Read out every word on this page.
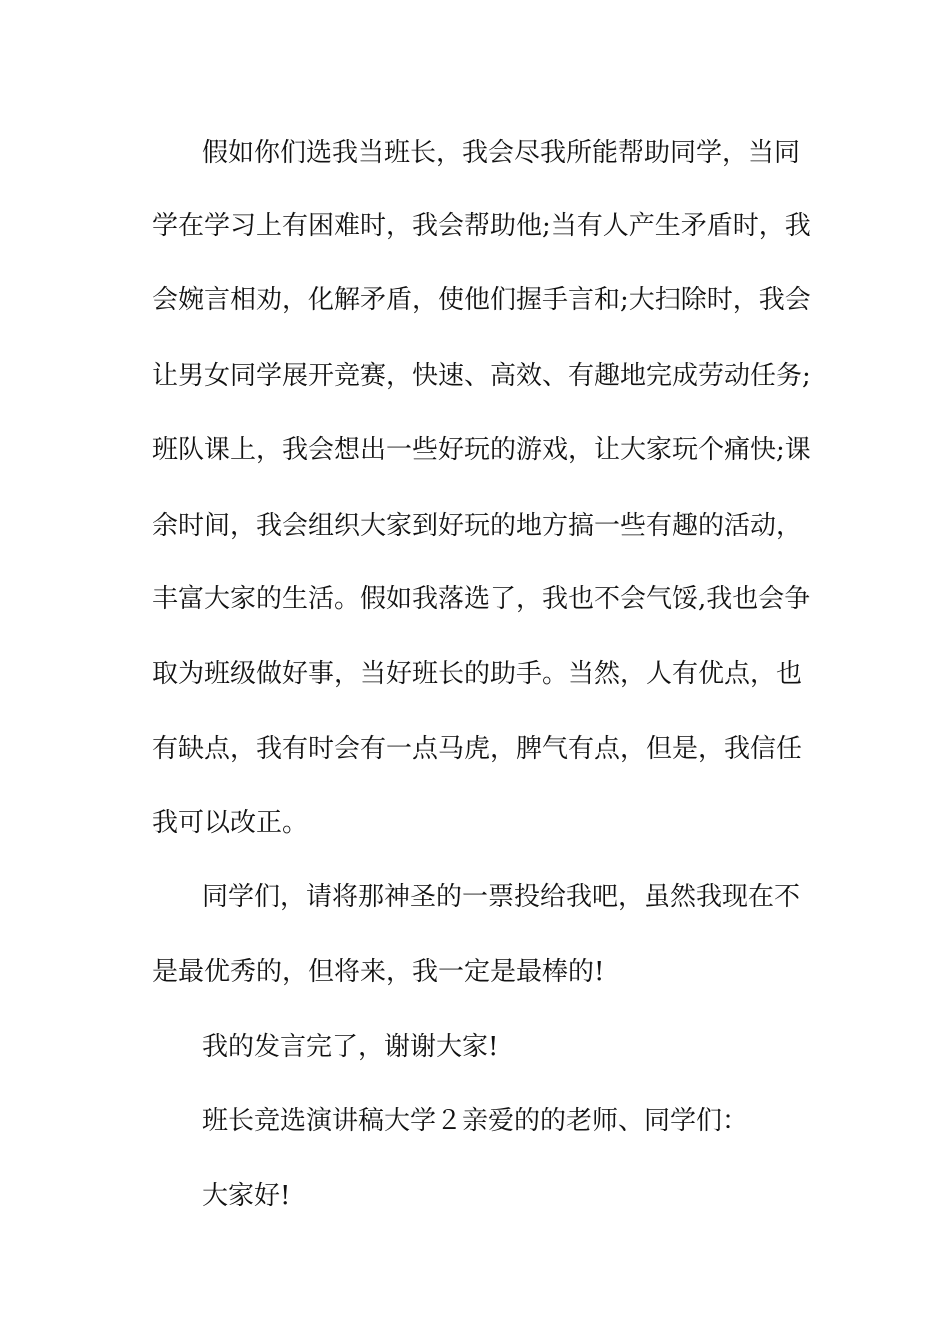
假如你们选我当班长，我会尽我所能帮助同学，当同
学在学习上有困难时，我会帮助他;当有人产生矛盾时，我
会婉言相劝，化解矛盾，使他们握手言和;大扫除时，我会
让男女同学展开竞赛，快速、高效、有趣地完成劳动任务;
班队课上，我会想出一些好玩的游戏，让大家玩个痛快;课
余时间，我会组织大家到好玩的地方搞一些有趣的活动，
丰富大家的生活。假如我落选了，我也不会气馁,我也会争
取为班级做好事，当好班长的助手。当然，人有优点，也
有缺点，我有时会有一点马虎，脾气有点，但是，我信任
我可以改正。
同学们，请将那神圣的一票投给我吧，虽然我现在不
是最优秀的，但将来，我一定是最棒的!
我的发言完了，谢谢大家!
班长竞选演讲稿大学２亲爱的的老师、同学们：
大家好!
